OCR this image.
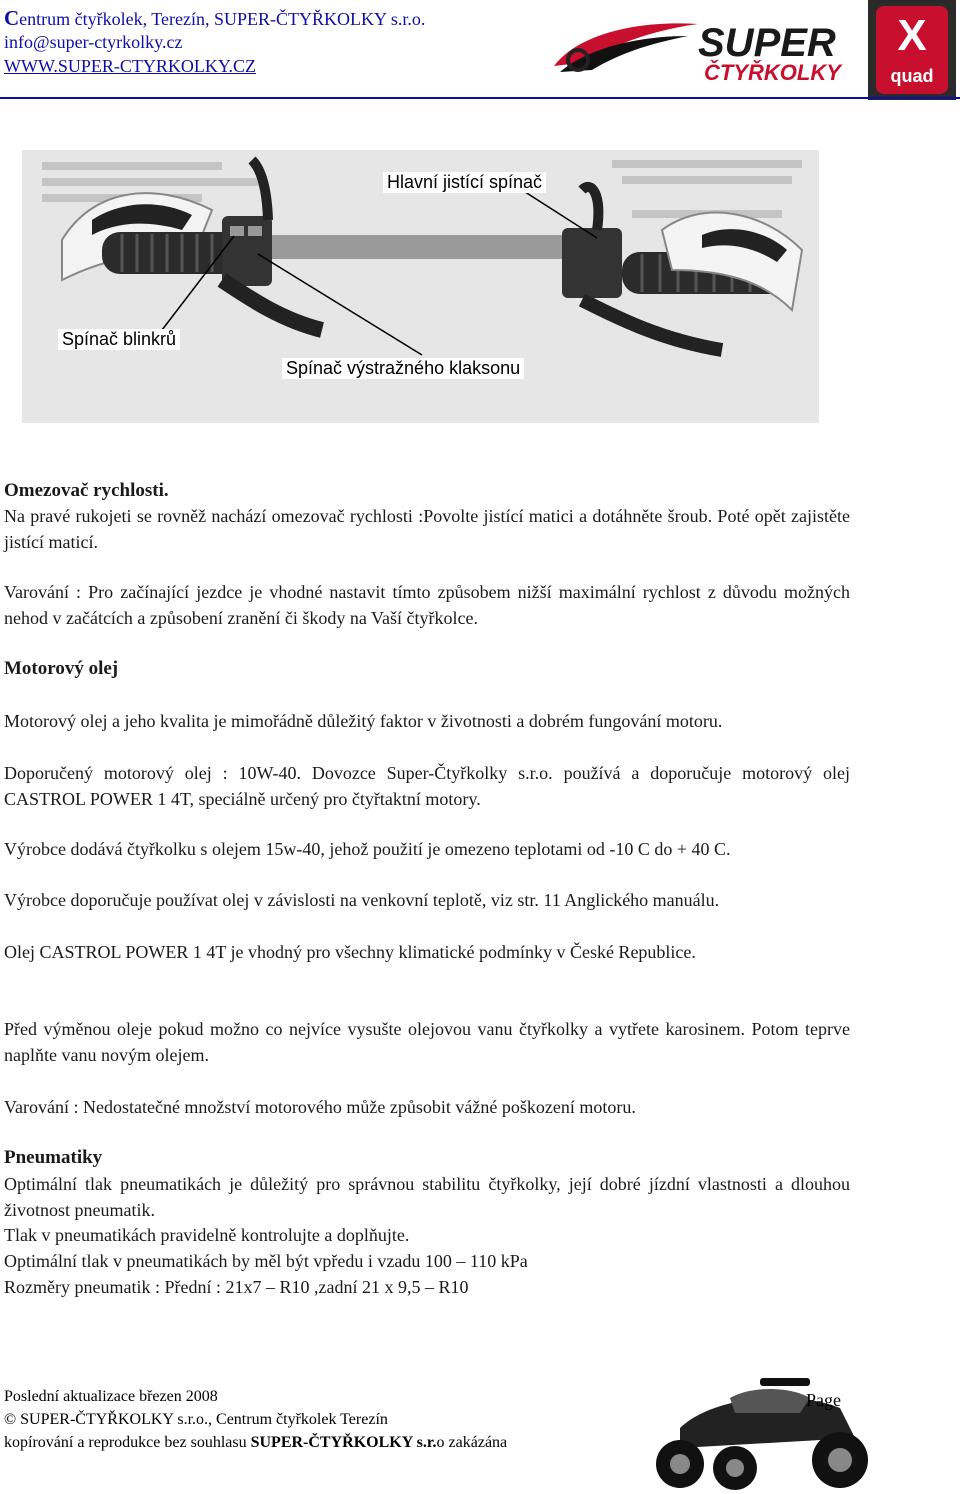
Centrum čtyřkolek, Terezín, SUPER-ČTYŘKOLKY s.r.o.
info@super-ctyrkolky.cz
WWW.SUPER-CTYRKOLKY.CZ
SUPER
ČTYŘKOLKY
X
quad
Hlavní jistící spínač
Spínač blinkrů
Spínač výstražného klaksonu
Omezovač rychlosti.
Na pravé rukojeti se rovněž nachází omezovač rychlosti :Povolte jistící matici a dotáhněte šroub. Poté opět zajistěte jistící maticí.
Varování : Pro začínající jezdce je vhodné nastavit tímto způsobem nižší maximální rychlost z důvodu možných nehod v začátcích a způsobení zranění či škody na Vaší čtyřkolce.
Motorový olej
Motorový olej a jeho kvalita je mimořádně důležitý faktor v životnosti a dobrém fungování motoru.
Doporučený motorový olej : 10W-40. Dovozce Super-Čtyřkolky s.r.o. používá a doporučuje motorový olej CASTROL POWER 1 4T, speciálně určený pro čtyřtaktní motory.
Výrobce dodává čtyřkolku s olejem 15w-40, jehož použití je omezeno teplotami od -10 C do + 40 C.
Výrobce doporučuje používat olej v závislosti na venkovní teplotě, viz str. 11 Anglického manuálu.
Olej CASTROL POWER 1 4T je vhodný pro všechny klimatické podmínky v České Republice.
Před výměnou oleje pokud možno co nejvíce vysušte olejovou vanu čtyřkolky a vytřete karosinem. Potom teprve naplňte vanu novým olejem.
Varování : Nedostatečné množství motorového může způsobit vážné poškození motoru.
Pneumatiky
Optimální tlak pneumatikách je důležitý pro správnou stabilitu čtyřkolky, její dobré jízdní vlastnosti a dlouhou životnost pneumatik.
Tlak v pneumatikách pravidelně kontrolujte a doplňujte.
Optimální tlak v pneumatikách by měl být vpředu i vzadu 100 – 110 kPa
Rozměry pneumatik : Přední : 21x7 – R10 ,zadní 21 x 9,5 – R10
Poslední aktualizace březen 2008
© SUPER-ČTYŘKOLKY s.r.o., Centrum čtyřkolek Terezín
kopírování a reprodukce bez souhlasu SUPER-ČTYŘKOLKY s.r.o zakázána
Page
